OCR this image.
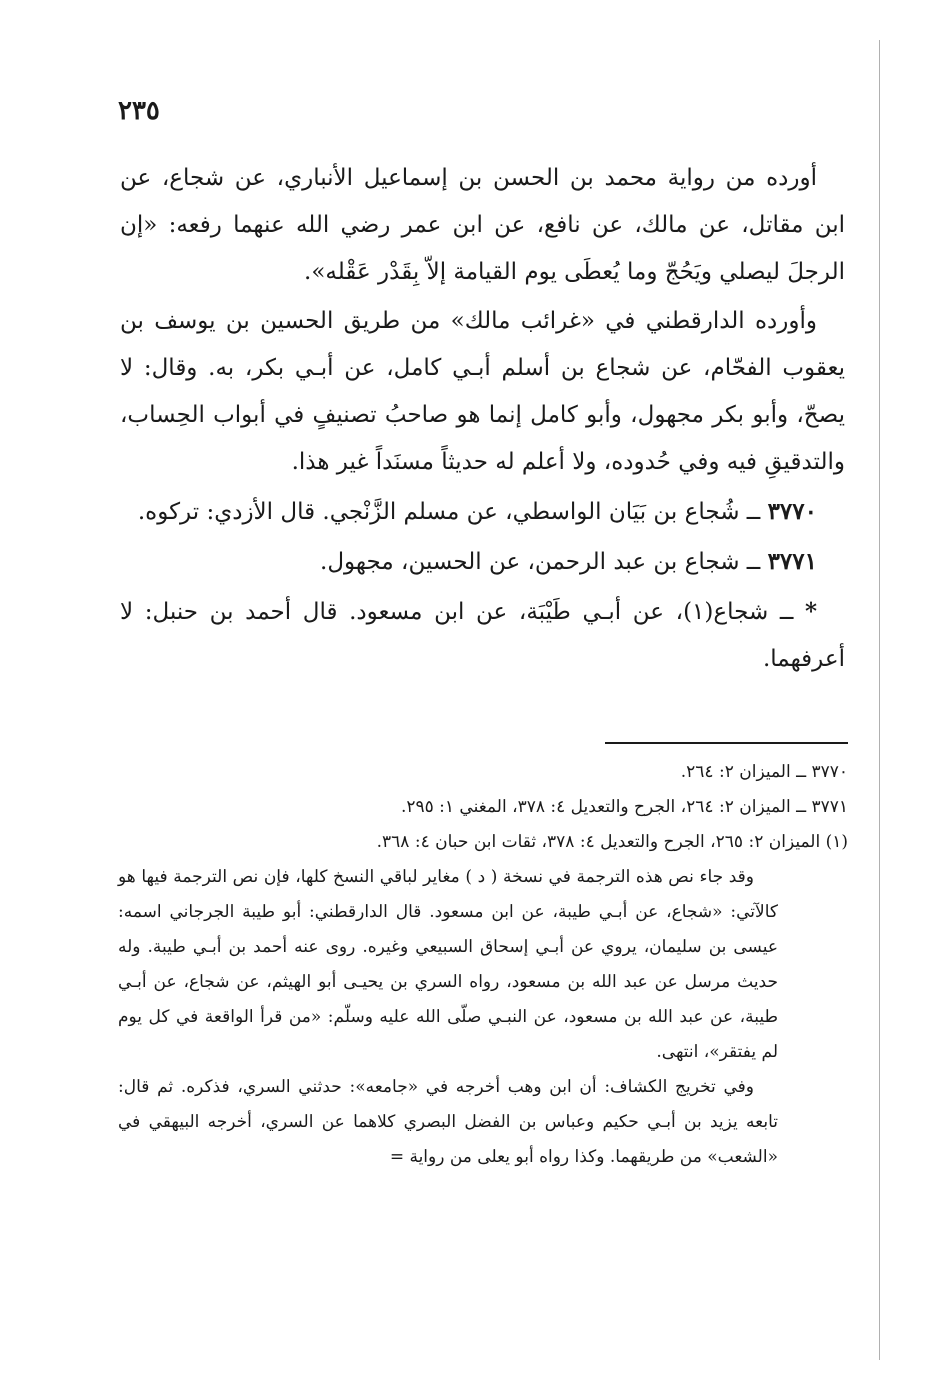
٢٣٥

أورده من رواية محمد بن الحسن بن إسماعيل الأنباري، عن شجاع، عن ابن مقاتل، عن مالك، عن نافع، عن ابن عمر رضي الله عنهما رفعه: «إن الرجلَ ليصلي ويَحُجّ وما يُعطَى يوم القيامة إلاّ بِقَدْر عَقْله».

وأورده الدارقطني في «غرائب مالك» من طريق الحسين بن يوسف بن يعقوب الفحّام، عن شجاع بن أسلم أبـي كامل، عن أبـي بكر، به. وقال: لا يصحّ، وأبو بكر مجهول، وأبو كامل إنما هو صاحبُ تصنيفٍ في أبواب الحِساب، والتدقيقِ فيه وفي حُدوده، ولا أعلم له حديثاً مسنَداً غير هذا.

٣٧٧٠ ــ شُجاع بن بَيَان الواسطي، عن مسلم الزَّنْجي. قال الأزدي: تركوه.

٣٧٧١ ــ شجاع بن عبد الرحمن، عن الحسين، مجهول.

* ــ شجاع(١)، عن أبـي طَيْبَة، عن ابن مسعود. قال أحمد بن حنبل: لا أعرفهما.

٣٧٧٠ ــ الميزان ٢: ٢٦٤.

٣٧٧١ ــ الميزان ٢: ٢٦٤، الجرح والتعديل ٤: ٣٧٨، المغني ١: ٢٩٥.

(١) الميزان ٢: ٢٦٥، الجرح والتعديل ٤: ٣٧٨، ثقات ابن حبان ٤: ٣٦٨.

وقد جاء نص هذه الترجمة في نسخة ( د ) مغاير لباقي النسخ كلها، فإن نص الترجمة فيها هو كالآتي: «شجاع، عن أبـي طيبة، عن ابن مسعود. قال الدارقطني: أبو طيبة الجرجاني اسمه: عيسى بن سليمان، يروي عن أبـي إسحاق السبيعي وغيره. روى عنه أحمد بن أبـي طيبة. وله حديث مرسل عن عبد الله بن مسعود، رواه السري بن يحيـى أبو الهيثم، عن شجاع، عن أبـي طيبة، عن عبد الله بن مسعود، عن النبـي صلّى الله عليه وسلّم: «من قرأ الواقعة في كل يوم لم يفتقر»، انتهى.

وفي تخريج الكشاف: أن ابن وهب أخرجه في «جامعه»: حدثني السري، فذكره. ثم قال: تابعه يزيد بن أبـي حكيم وعباس بن الفضل البصري كلاهما عن السري، أخرجه البيهقي في «الشعب» من طريقهما. وكذا رواه أبو يعلى من رواية =
